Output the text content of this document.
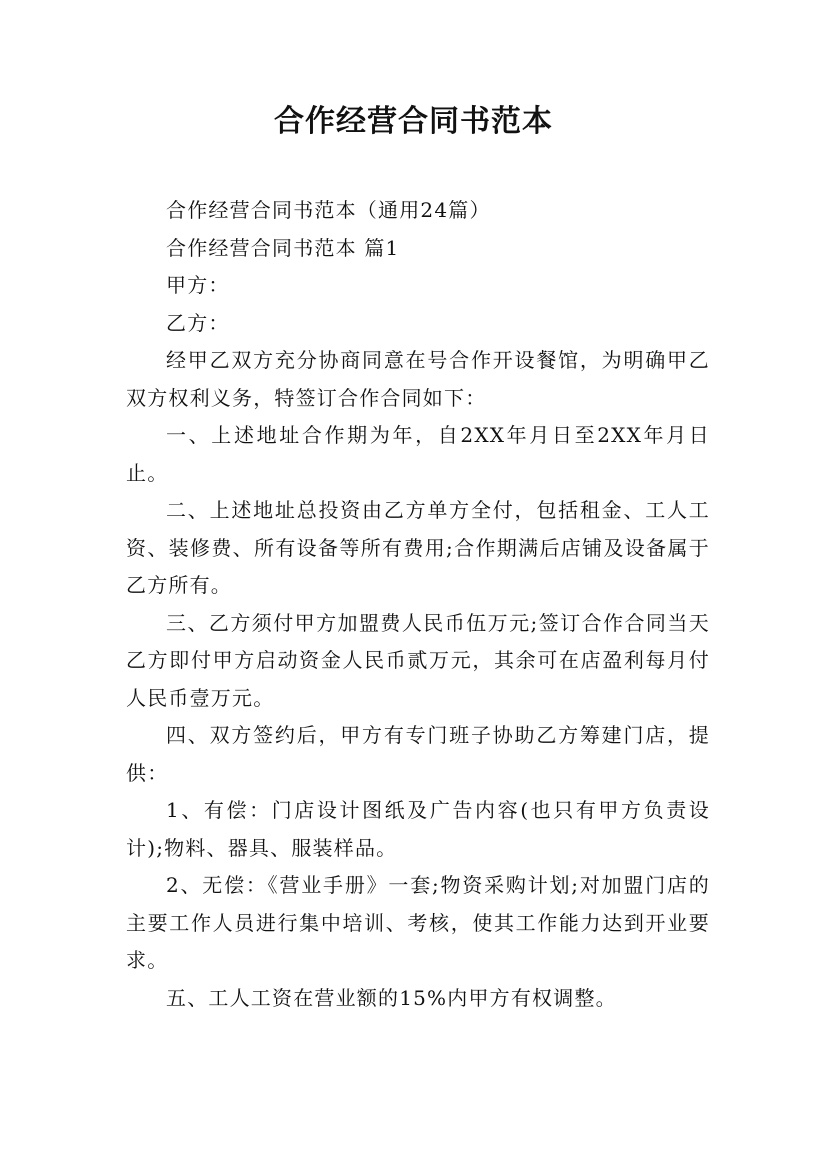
合作经营合同书范本

合作经营合同书范本（通用24篇）

合作经营合同书范本 篇1

甲方：

乙方：

经甲乙双方充分协商同意在号合作开设餐馆，为明确甲乙双方权利义务，特签订合作合同如下：

一、上述地址合作期为年，自2XX年月日至2XX年月日止。

二、上述地址总投资由乙方单方全付，包括租金、工人工资、装修费、所有设备等所有费用;合作期满后店铺及设备属于乙方所有。

三、乙方须付甲方加盟费人民币伍万元;签订合作合同当天乙方即付甲方启动资金人民币贰万元，其余可在店盈利每月付人民币壹万元。

四、双方签约后，甲方有专门班子协助乙方筹建门店，提供：

1、有偿：门店设计图纸及广告内容(也只有甲方负责设计);物料、器具、服装样品。

2、无偿：《营业手册》一套;物资采购计划;对加盟门店的主要工作人员进行集中培训、考核，使其工作能力达到开业要求。

五、工人工资在营业额的15%内甲方有权调整。
